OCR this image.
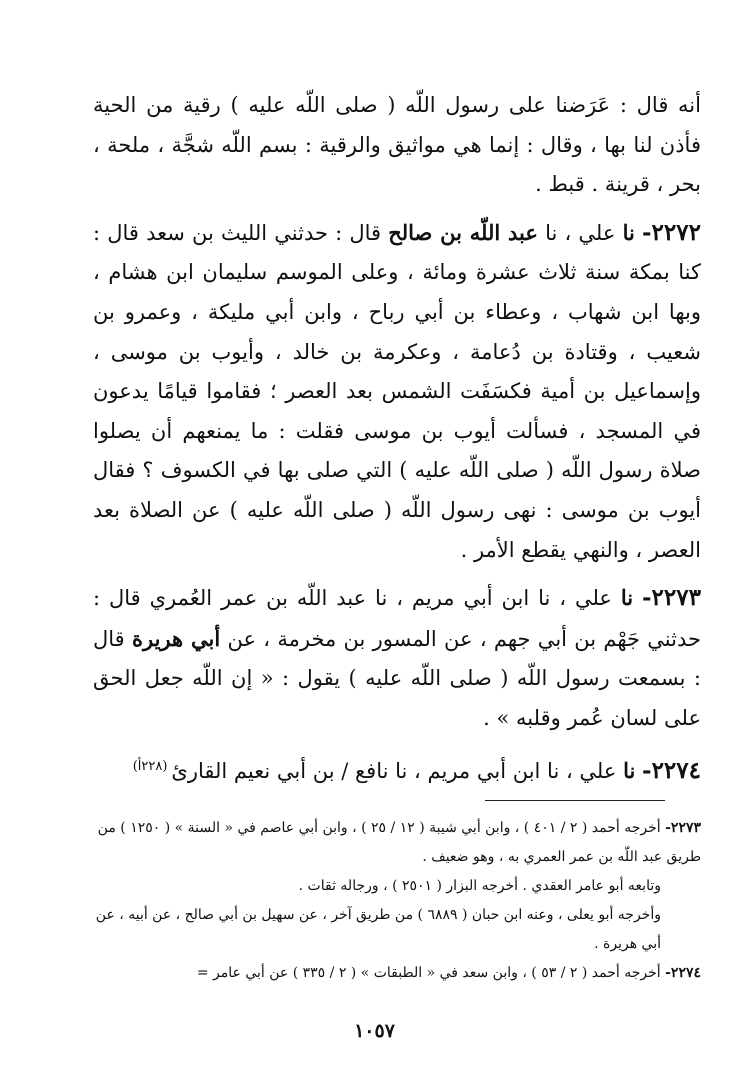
أنه قال : عَرَضنا على رسول اللّه ( صلى اللّه عليه ) رقية من الحية فأذن لنا بها ، وقال : إنما هي مواثيق والرقية : بسم اللّه شجَّة ، ملحة ، بحر ، قرينة . قبط .

٢٢٧٢- نا علي ، نا عبد اللّه بن صالح قال : حدثني الليث بن سعد قال : كنا بمكة سنة ثلاث عشرة ومائة ، وعلى الموسم سليمان ابن هشام ، وبها ابن شهاب ، وعطاء بن أبي رباح ، وابن أبي مليكة ، وعمرو بن شعيب ، وقتادة بن دُعامة ، وعكرمة بن خالد ، وأيوب بن موسى ، وإسماعيل بن أمية فكسَفَت الشمس بعد العصر ؛ فقاموا قيامًا يدعون في المسجد ، فسألت أيوب بن موسى فقلت : ما يمنعهم أن يصلوا صلاة رسول اللّه ( صلى اللّه عليه ) التي صلى بها في الكسوف ؟ فقال أيوب بن موسى : نهى رسول اللّه ( صلى اللّه عليه ) عن الصلاة بعد العصر ، والنهي يقطع الأمر .

٢٢٧٣- نا علي ، نا ابن أبي مريم ، نا عبد اللّه بن عمر العُمري قال : حدثني جَهْم بن أبي جهم ، عن المسور بن مخرمة ، عن أبي هريرة قال : بسمعت رسول اللّه ( صلى اللّه عليه ) يقول : « إن اللّه جعل الحق على لسان عُمر وقلبه » .

٢٢٧٤- نا علي ، نا ابن أبي مريم ، نا نافع / بن أبي نعيم القارئ$^{(٢٢٨أ)}$

٢٢٧٣- أخرجه أحمد ( ٢ / ٤٠١ ) ، وابن أبي شيبة ( ١٢ / ٢٥ ) ، وابن أبي عاصم في « السنة » ( ١٢٥٠ ) من طريق عبد اللّه بن عمر العمري به ، وهو ضعيف .

وتابعه أبو عامر العقدي . أخرجه البزار ( ٢٥٠١ ) ، ورجاله ثقات .

وأخرجه أبو يعلى ، وعنه ابن حبان ( ٦٨٨٩ ) من طريق آخر ، عن سهيل بن أبي صالح ، عن أبيه ، عن أبي هريرة .

٢٢٧٤- أخرجه أحمد ( ٢ / ٥٣ ) ، وابن سعد في « الطبقات » ( ٢ / ٣٣٥ ) عن أبي عامر =

١٠٥٧
